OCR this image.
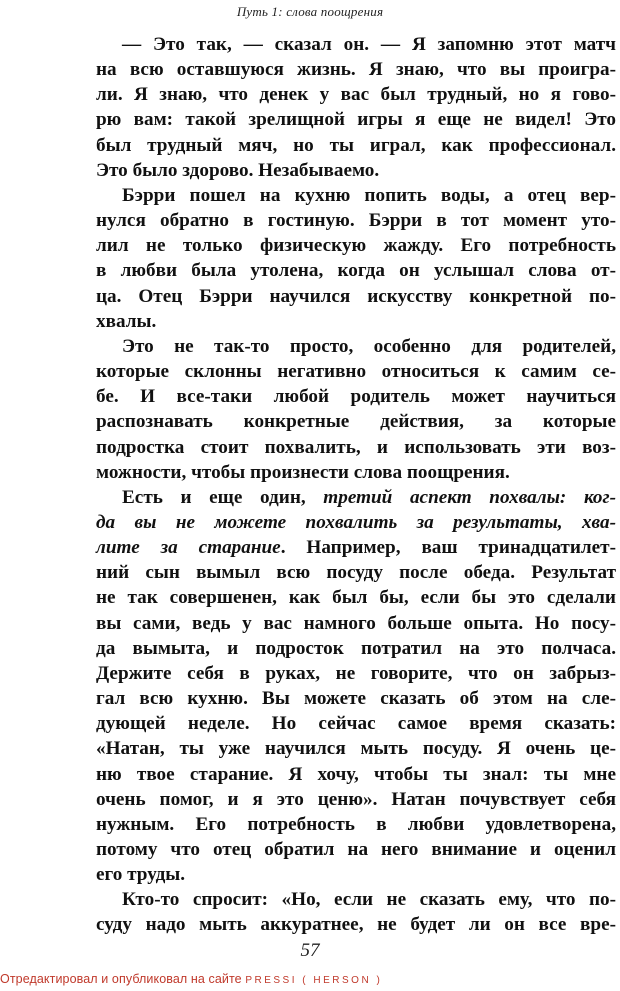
Путь 1: слова поощрения
— Это так, — сказал он. — Я запомню этот матч
на всю оставшуюся жизнь. Я знаю, что вы проигра-
ли. Я знаю, что денек у вас был трудный, но я гово-
рю вам: такой зрелищной игры я еще не видел! Это
был трудный мяч, но ты играл, как профессионал.
Это было здорово. Незабываемо.
Бэрри пошел на кухню попить воды, а отец вер-
нулся обратно в гостиную. Бэрри в тот момент уто-
лил не только физическую жажду. Его потребность
в любви была утолена, когда он услышал слова от-
ца. Отец Бэрри научился искусству конкретной по-
хвалы.
Это не так-то просто, особенно для родителей,
которые склонны негативно относиться к самим се-
бе. И все-таки любой родитель может научиться
распознавать конкретные действия, за которые
подростка стоит похвалить, и использовать эти воз-
можности, чтобы произнести слова поощрения.
Есть и еще один, третий аспект похвалы: ког-
да вы не можете похвалить за результаты, хва-
лите за старание. Например, ваш тринадцатилет-
ний сын вымыл всю посуду после обеда. Результат
не так совершенен, как был бы, если бы это сделали
вы сами, ведь у вас намного больше опыта. Но посу-
да вымыта, и подросток потратил на это полчаса.
Держите себя в руках, не говорите, что он забрыз-
гал всю кухню. Вы можете сказать об этом на сле-
дующей неделе. Но сейчас самое время сказать:
«Натан, ты уже научился мыть посуду. Я очень це-
ню твое старание. Я хочу, чтобы ты знал: ты мне
очень помог, и я это ценю». Натан почувствует себя
нужным. Его потребность в любви удовлетворена,
потому что отец обратил на него внимание и оценил
его труды.
Кто-то спросит: «Но, если не сказать ему, что по-
суду надо мыть аккуратнее, не будет ли он все вре-
57
Отредактировал и опубликовал на сайте PRESSI ( HERSON )
